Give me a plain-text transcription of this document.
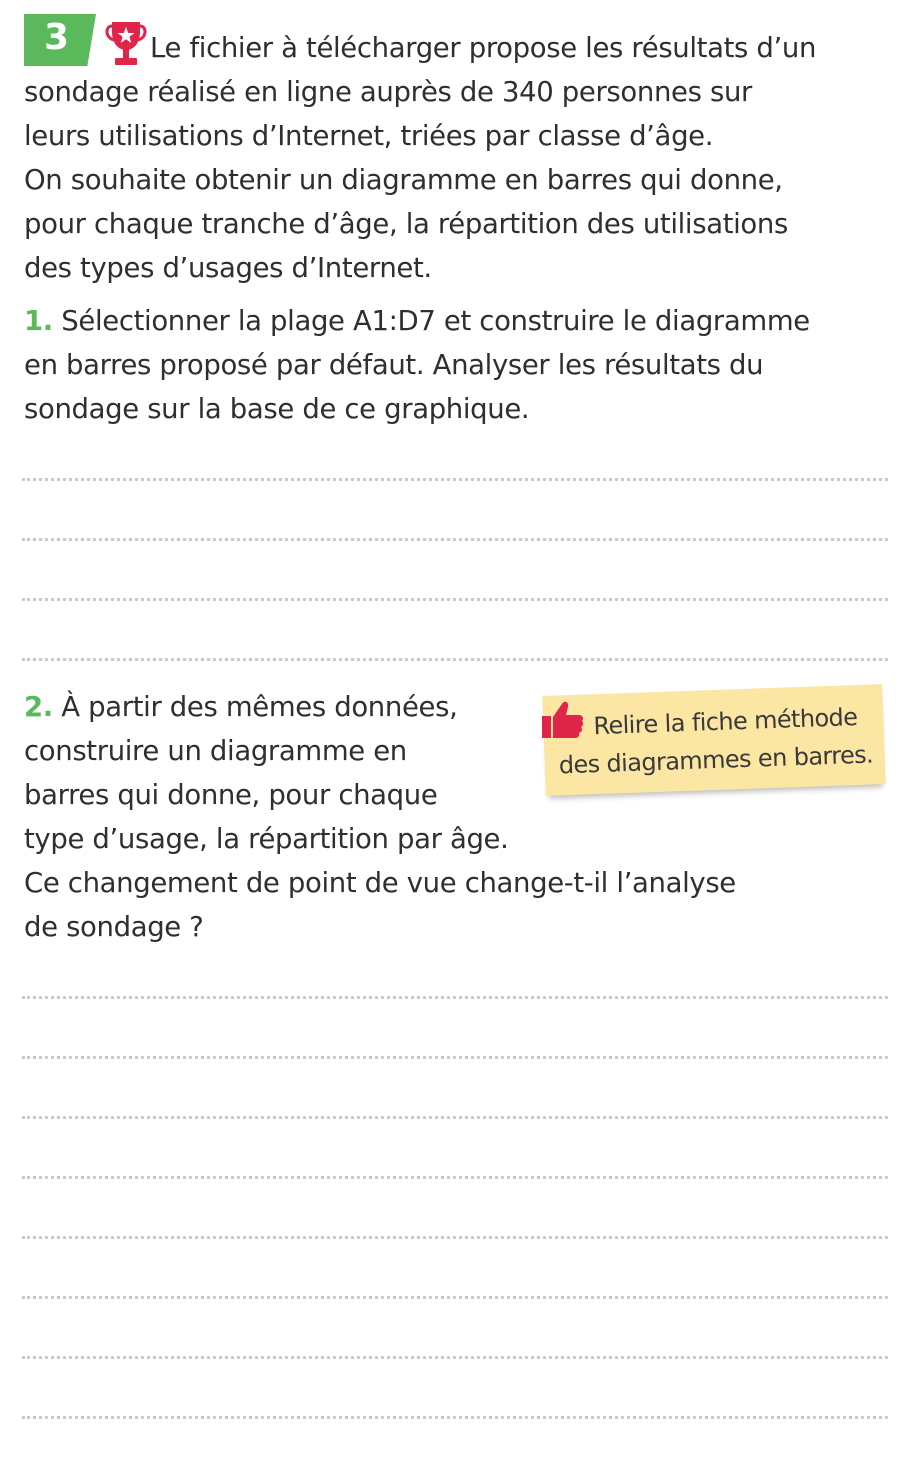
3	Le fichier à télécharger propose les résultats d’un
sondage réalisé en ligne auprès de 340 personnes sur
leurs utilisations d’Internet, triées par classe d’âge.
On souhaite obtenir un diagramme en barres qui donne,
pour chaque tranche d’âge, la répartition des utilisations
des types d’usages d’Internet.
1. Sélectionner la plage A1:D7 et construire le diagramme
en barres proposé par défaut. Analyser les résultats du
sondage sur la base de ce graphique.
2. À partir des mêmes données,
construire un diagramme en
barres qui donne, pour chaque
type d’usage, la répartition par âge.
Ce changement de point de vue change-t-il l’analyse
de sondage ?
Relire la fiche méthode
des diagrammes en barres.
